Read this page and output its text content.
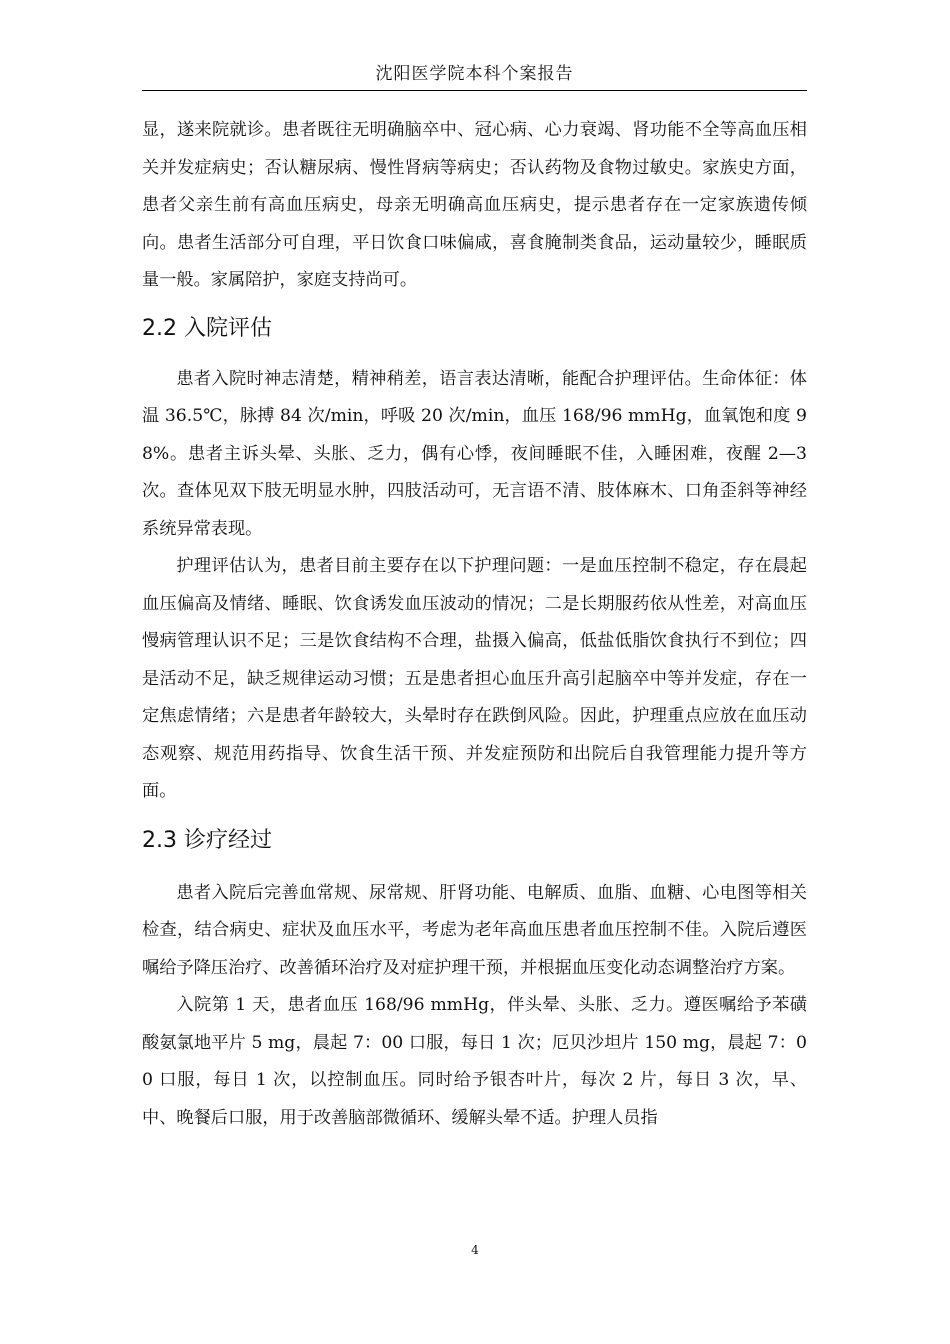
沈阳医学院本科个案报告

显，遂来院就诊。患者既往无明确脑卒中、冠心病、心力衰竭、肾功能不全等高血压相关并发症病史；否认糖尿病、慢性肾病等病史；否认药物及食物过敏史。家族史方面，患者父亲生前有高血压病史，母亲无明确高血压病史，提示患者存在一定家族遗传倾向。患者生活部分可自理，平日饮食口味偏咸，喜食腌制类食品，运动量较少，睡眠质量一般。家属陪护，家庭支持尚可。

2.2 入院评估

患者入院时神志清楚，精神稍差，语言表达清晰，能配合护理评估。生命体征：体温 36.5℃，脉搏 84 次/min，呼吸 20 次/min，血压 168/96 mmHg，血氧饱和度 98%。患者主诉头晕、头胀、乏力，偶有心悸，夜间睡眠不佳，入睡困难，夜醒 2—3 次。查体见双下肢无明显水肿，四肢活动可，无言语不清、肢体麻木、口角歪斜等神经系统异常表现。

护理评估认为，患者目前主要存在以下护理问题：一是血压控制不稳定，存在晨起血压偏高及情绪、睡眠、饮食诱发血压波动的情况；二是长期服药依从性差，对高血压慢病管理认识不足；三是饮食结构不合理，盐摄入偏高，低盐低脂饮食执行不到位；四是活动不足，缺乏规律运动习惯；五是患者担心血压升高引起脑卒中等并发症，存在一定焦虑情绪；六是患者年龄较大，头晕时存在跌倒风险。因此，护理重点应放在血压动态观察、规范用药指导、饮食生活干预、并发症预防和出院后自我管理能力提升等方面。

2.3 诊疗经过

患者入院后完善血常规、尿常规、肝肾功能、电解质、血脂、血糖、心电图等相关检查，结合病史、症状及血压水平，考虑为老年高血压患者血压控制不佳。入院后遵医嘱给予降压治疗、改善循环治疗及对症护理干预，并根据血压变化动态调整治疗方案。

入院第 1 天，患者血压 168/96 mmHg，伴头晕、头胀、乏力。遵医嘱给予苯磺酸氨氯地平片 5 mg，晨起 7：00 口服，每日 1 次；厄贝沙坦片 150 mg，晨起 7：00 口服，每日 1 次，以控制血压。同时给予银杏叶片，每次 2 片，每日 3 次，早、中、晚餐后口服，用于改善脑部微循环、缓解头晕不适。护理人员指

4
